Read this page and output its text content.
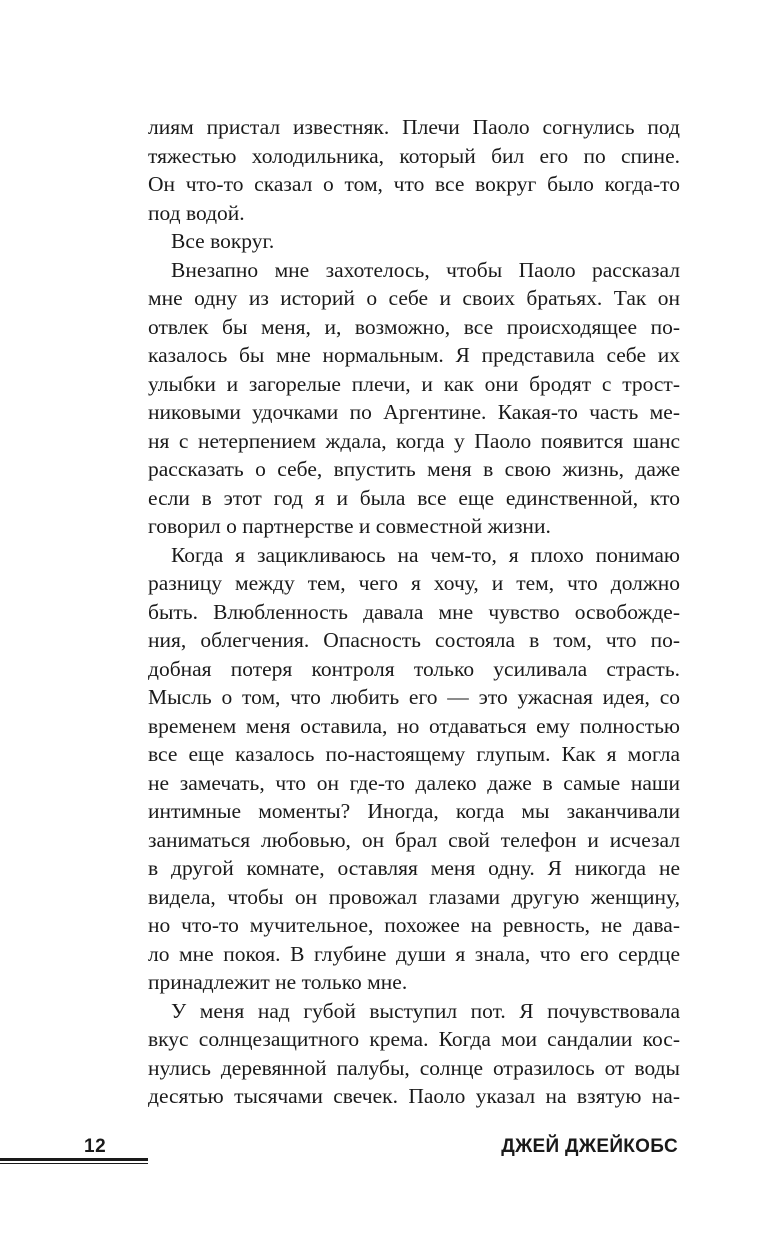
лиям пристал известняк. Плечи Паоло согнулись под
тяжестью холодильника, который бил его по спине.
Он что-то сказал о том, что все вокруг было когда-то
под водой.
Все вокруг.
Внезапно мне захотелось, чтобы Паоло рассказал
мне одну из историй о себе и своих братьях. Так он
отвлек бы меня, и, возможно, все происходящее по-
казалось бы мне нормальным. Я представила себе их
улыбки и загорелые плечи, и как они бродят с трост-
никовыми удочками по Аргентине. Какая-то часть ме-
ня с нетерпением ждала, когда у Паоло появится шанс
рассказать о себе, впустить меня в свою жизнь, даже
если в этот год я и была все еще единственной, кто
говорил о партнерстве и совместной жизни.
Когда я зацикливаюсь на чем-то, я плохо понимаю
разницу между тем, чего я хочу, и тем, что должно
быть. Влюбленность давала мне чувство освобожде-
ния, облегчения. Опасность состояла в том, что по-
добная потеря контроля только усиливала страсть.
Мысль о том, что любить его — это ужасная идея, со
временем меня оставила, но отдаваться ему полностью
все еще казалось по-настоящему глупым. Как я могла
не замечать, что он где-то далеко даже в самые наши
интимные моменты? Иногда, когда мы заканчивали
заниматься любовью, он брал свой телефон и исчезал
в другой комнате, оставляя меня одну. Я никогда не
видела, чтобы он провожал глазами другую женщину,
но что-то мучительное, похожее на ревность, не дава-
ло мне покоя. В глубине души я знала, что его сердце
принадлежит не только мне.
У меня над губой выступил пот. Я почувствовала
вкус солнцезащитного крема. Когда мои сандалии кос-
нулись деревянной палубы, солнце отразилось от воды
десятью тысячами свечек. Паоло указал на взятую на-
12	ДЖЕЙ ДЖЕЙКОБС
